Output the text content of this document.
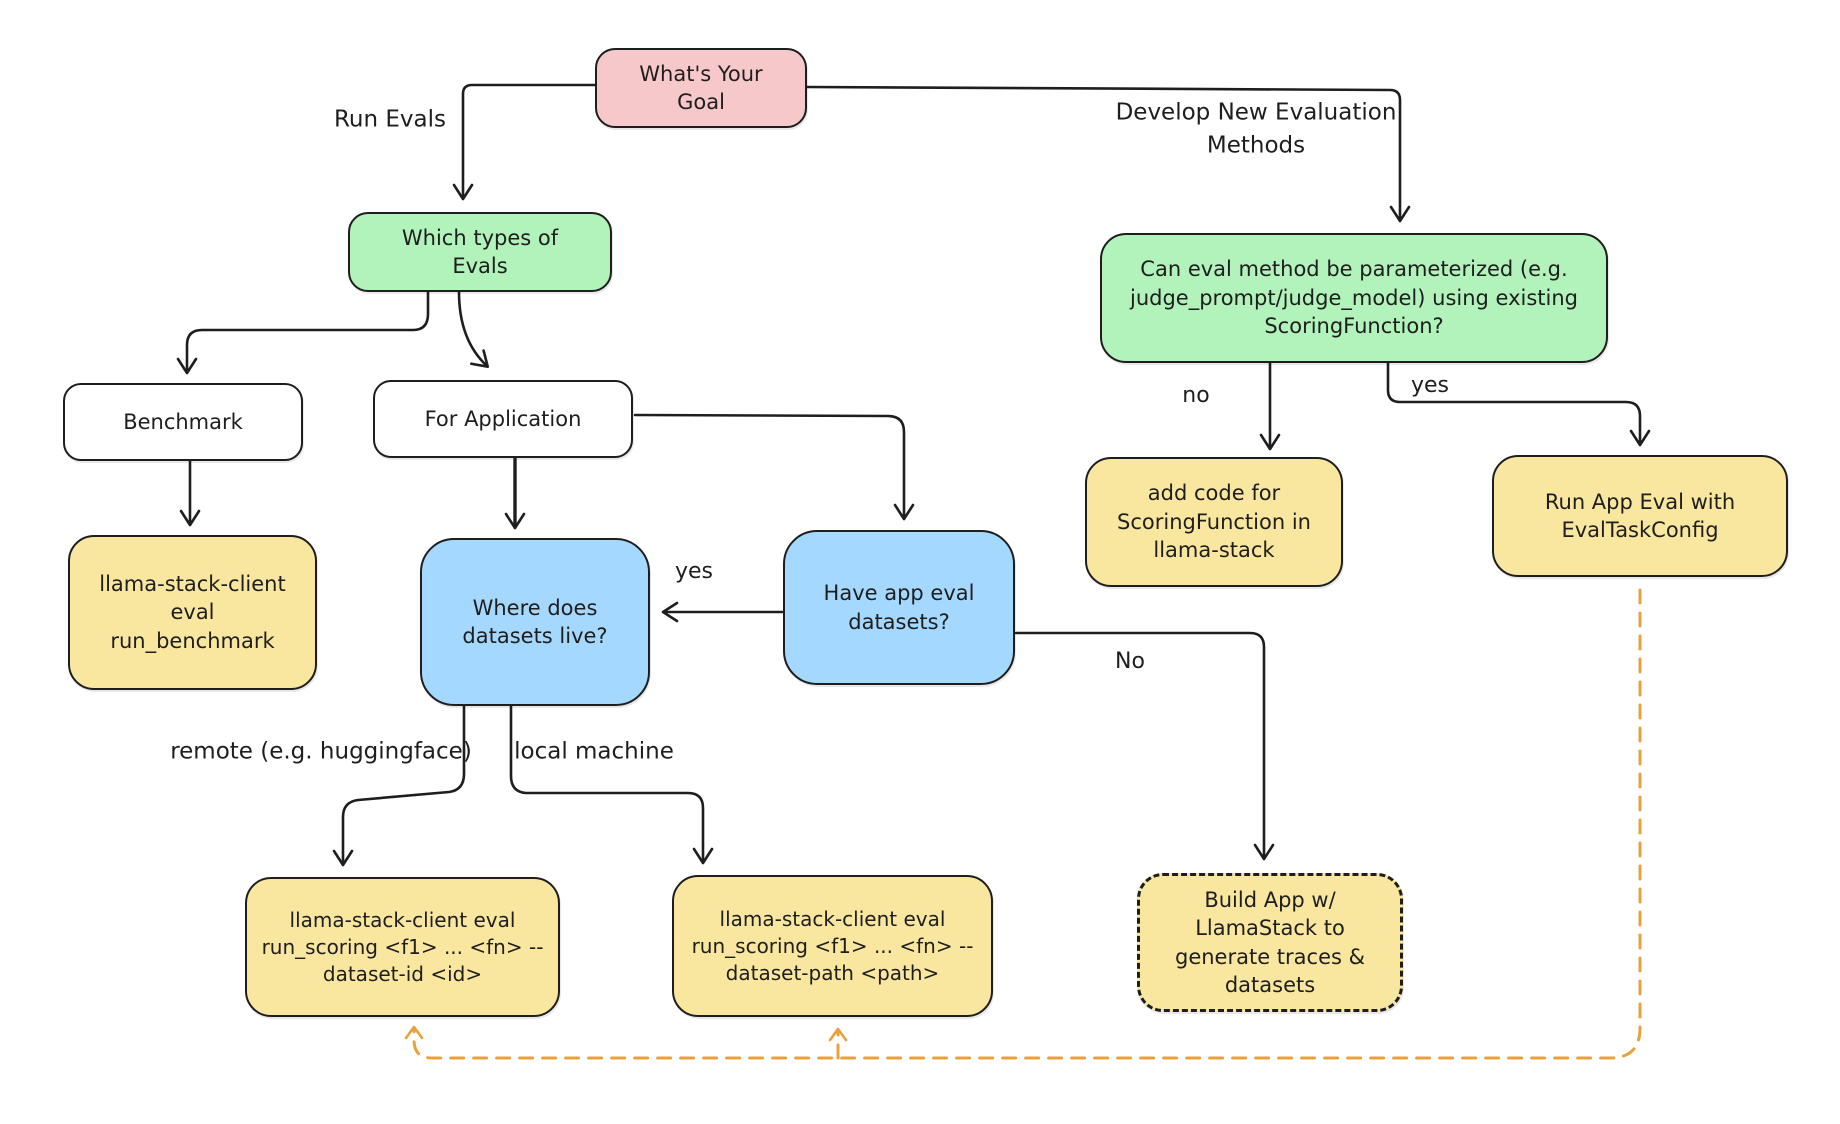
What's Your Goal
Which types of Evals	Can eval method be parameterized (e.g. judge_prompt/judge_model) using existing ScoringFunction?
Benchmark	For Application
llama-stack-client eval run_benchmark
Where does datasets live?
Have app eval datasets?
add code for ScoringFunction in llama-stack
Run App Eval with EvalTaskConfig
llama-stack-client eval run_scoring <f1> ... <fn> --dataset-id <id>
llama-stack-client eval run_scoring <f1> ... <fn> --dataset-path <path>
Build App w/ LlamaStack to generate traces & datasets
Run Evals	Develop New Evaluation Methods
no	yes
yes
No
remote (e.g. huggingface) local machine
